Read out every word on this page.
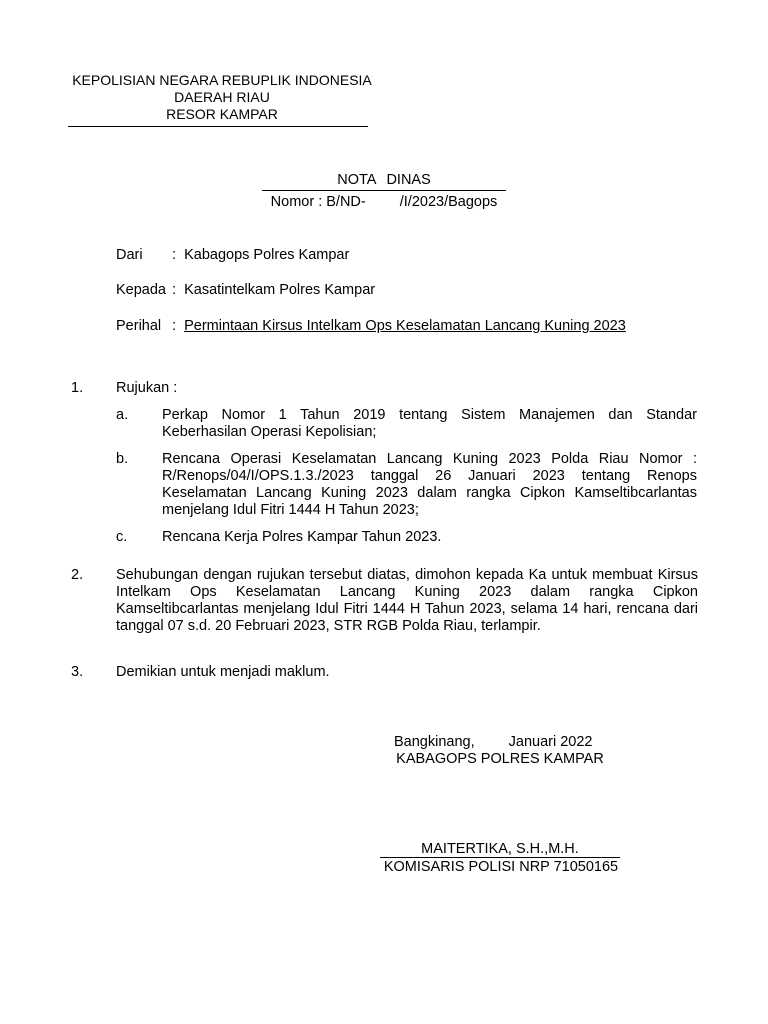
KEPOLISIAN NEGARA REBUPLIK INDONESIA
DAERAH RIAU
RESOR KAMPAR
NOTA DINAS
Nomor : B/ND- /I/2023/Bagops
Dari : Kabagops Polres Kampar
Kepada : Kasatintelkam Polres Kampar
Perihal : Permintaan Kirsus Intelkam Ops Keselamatan Lancang Kuning 2023
1. Rujukan :
a. Perkap Nomor 1 Tahun 2019 tentang Sistem Manajemen dan Standar Keberhasilan Operasi Kepolisian;
b. Rencana Operasi Keselamatan Lancang Kuning 2023 Polda Riau Nomor : R/Renops/04/I/OPS.1.3./2023 tanggal 26 Januari 2023 tentang Renops Keselamatan Lancang Kuning 2023 dalam rangka Cipkon Kamseltibcarlantas menjelang Idul Fitri 1444 H Tahun 2023;
c. Rencana Kerja Polres Kampar Tahun 2023.
2. Sehubungan dengan rujukan tersebut diatas, dimohon kepada Ka untuk membuat Kirsus Intelkam Ops Keselamatan Lancang Kuning 2023 dalam rangka Cipkon Kamseltibcarlantas menjelang Idul Fitri 1444 H Tahun 2023, selama 14 hari, rencana dari tanggal 07 s.d. 20 Februari 2023, STR RGB Polda Riau, terlampir.
3. Demikian untuk menjadi maklum.
Bangkinang, Januari 2022
KABAGOPS POLRES KAMPAR
MAITERTIKA, S.H.,M.H.
KOMISARIS POLISI NRP 71050165
